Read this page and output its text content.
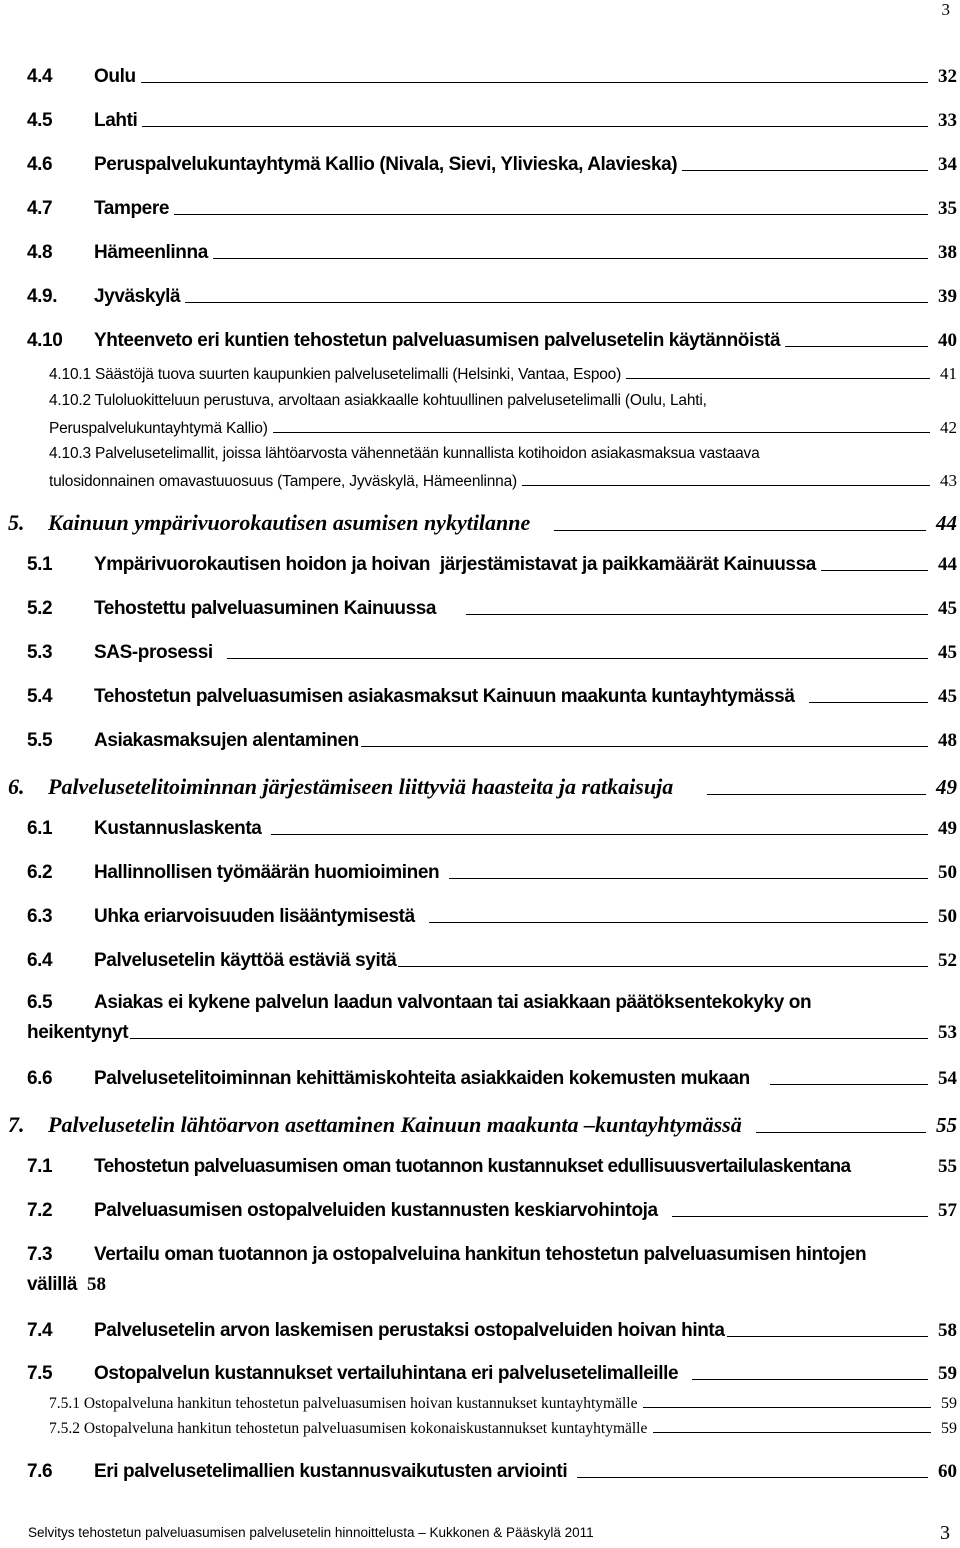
3
4.4	Oulu	32
4.5	Lahti	33
4.6	Peruspalvelukuntayhtymä Kallio (Nivala, Sievi, Ylivieska, Alavieska)	34
4.7	Tampere	35
4.8	Hämeenlinna	38
4.9.	Jyväskylä	39
4.10	Yhteenveto eri kuntien tehostetun palveluasumisen palvelusetelin käytännöistä	40
4.10.1 Säästöjä tuova suurten kaupunkien palvelusetelimalli (Helsinki, Vantaa, Espoo)	41
4.10.2 Tuloluokitteluun perustuva, arvoltaan asiakkaalle kohtuullinen palvelusetelimalli (Oulu, Lahti,
Peruspalvelukuntayhtymä Kallio)	42
4.10.3 Palvelusetelimallit, joissa lähtöarvosta vähennetään kunnallista kotihoidon asiakasmaksua vastaava
tulosidonnainen omavastuuosuus (Tampere, Jyväskylä, Hämeenlinna)	43
5.	Kainuun ympärivuorokautisen asumisen nykytilanne	44
5.1	Ympärivuorokautisen hoidon ja hoivan  järjestämistavat ja paikkamäärät Kainuussa	44
5.2	Tehostettu palveluasuminen Kainuussa	45
5.3	SAS-prosessi	45
5.4	Tehostetun palveluasumisen asiakasmaksut Kainuun maakunta kuntayhtymässä	45
5.5	Asiakasmaksujen alentaminen	48
6.	Palvelusetelitoiminnan järjestämiseen liittyviä haasteita ja ratkaisuja	49
6.1	Kustannuslaskenta	49
6.2	Hallinnollisen työmäärän huomioiminen	50
6.3	Uhka eriarvoisuuden lisääntymisestä	50
6.4	Palvelusetelin käyttöä estäviä syitä	52
6.5 Asiakas ei kykene palvelun laadun valvontaan tai asiakkaan päätöksentekokyky on
heikentynyt	53
6.6	Palvelusetelitoiminnan kehittämiskohteita asiakkaiden kokemusten mukaan	54
7.	Palvelusetelin lähtöarvon asettaminen Kainuun maakunta –kuntayhtymässä	55
7.1	Tehostetun palveluasumisen oman tuotannon kustannukset edullisuusvertailulaskentana	55
7.2	Palveluasumisen ostopalveluiden kustannusten keskiarvohintoja	57
7.3 Vertailu oman tuotannon ja ostopalveluina hankitun tehostetun palveluasumisen hintojen
välillä 58
7.4	Palvelusetelin arvon laskemisen perustaksi ostopalveluiden hoivan hinta	58
7.5	Ostopalvelun kustannukset vertailuhintana eri palvelusetelimalleille	59
7.5.1 Ostopalveluna hankitun tehostetun palveluasumisen hoivan kustannukset kuntayhtymälle	59
7.5.2 Ostopalveluna hankitun tehostetun palveluasumisen kokonaiskustannukset kuntayhtymälle	59
7.6	Eri palvelusetelimallien kustannusvaikutusten arviointi	60
Selvitys tehostetun palveluasumisen palvelusetelin hinnoittelusta – Kukkonen & Pääskylä 2011	3
